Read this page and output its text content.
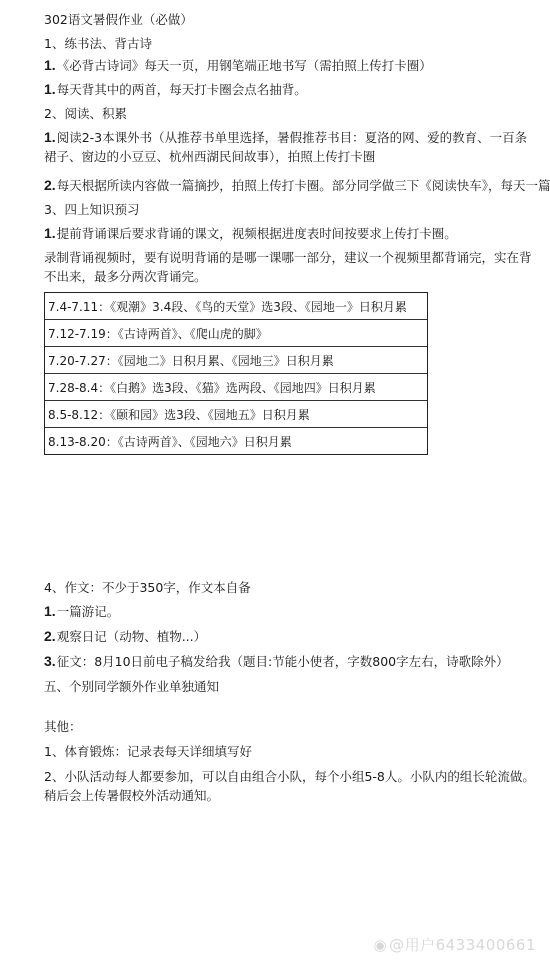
302语文暑假作业（必做）
1、练书法、背古诗
1.《必背古诗词》每天一页，用钢笔端正地书写（需拍照上传打卡圈）
1.每天背其中的两首，每天打卡圈会点名抽背。
2、阅读、积累
1.阅读2-3本课外书（从推荐书单里选择，暑假推荐书目：夏洛的网、爱的教育、一百条裙子、窗边的小豆豆、杭州西湖民间故事），拍照上传打卡圈
2.每天根据所读内容做一篇摘抄，拍照上传打卡圈。部分同学做三下《阅读快车》，每天一篇
3、四上知识预习
1.提前背诵课后要求背诵的课文，视频根据进度表时间按要求上传打卡圈。
录制背诵视频时，要有说明背诵的是哪一课哪一部分，建议一个视频里都背诵完，实在背不出来，最多分两次背诵完。
7.4-7.11：《观潮》3.4段、《鸟的天堂》选3段、《园地一》日积月累
7.12-7.19：《古诗两首》、《爬山虎的脚》
7.20-7.27：《园地二》日积月累、《园地三》日积月累
7.28-8.4：《白鹅》选3段、《猫》选两段、《园地四》日积月累
8.5-8.12：《颐和园》选3段、《园地五》日积月累
8.13-8.20：《古诗两首》、《园地六》日积月累
4、作文：不少于350字，作文本自备
1.一篇游记。
2.观察日记（动物、植物...）
3.征文：8月10日前电子稿发给我（题目:节能小使者，字数800字左右，诗歌除外）
五、个别同学额外作业单独通知
其他：
1、体育锻炼：记录表每天详细填写好
2、小队活动每人都要参加，可以自由组合小队，每个小组5-8人。小队内的组长轮流做。稍后会上传暑假校外活动通知。
◉ @用户6433400661
